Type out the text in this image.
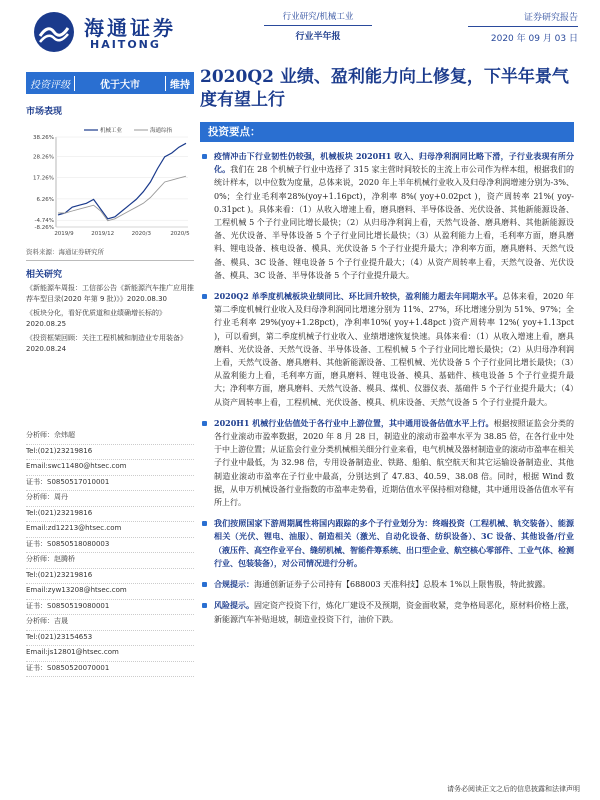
海通证券
HAITONG
行业研究/机械工业
行业半年报
证券研究报告
2020 年 09 月 03 日
投资评级	优于大市	维持
市场表现
38.26%
28.26%
17.26%
6.26%
-4.74%
-8.26%
2019/9	2019/12	2020/3	2020/5
机械工业	海通综指
资料来源：海通证券研究所
相关研究
《新能源车周报：工信部公告《新能源汽车推广应用推荐车型目录(2020 年第 9 批)》》2020.08.30
《板块分化，看好优质道和业绩确增长标的》2020.08.25
《投资框架回顾：关注工程机械和制造业专用装备》2020.08.24
分析师：佘炜超
Tel:(021)23219816
Email:swc11480@htsec.com
证书：S0850517010001
分析师：周丹
Tel:(021)23219816
Email:zd12213@htsec.com
证书：S0850518080003
分析师：赵腾桥
Tel:(021)23219816
Email:zyw13208@htsec.com
证书：S0850519080001
分析师：吉晟
Tel:(021)23154653
Email:js12801@htsec.com
证书：S0850520070001
2020Q2 业绩、盈利能力向上修复，下半年景气度有望上行
投资要点：
疫情冲击下行业韧性仍较强，机械板块 2020H1 收入、归母净利润同比略下滑，子行业表现有所分化。我们在 28 个机械子行业中选择了 315 家主营时间较长的主流上市公司作为样本组，根据我们的统计样本，以中位数为度量，总体来说，2020 年上半年机械行业收入及归母净利润增速分别为-3%、0%；全行业毛利率28%(yoy+1.16pct)，净利率 8%( yoy+0.02pct )，资产周转率 21%( yoy-0.31pct )。具体来看：（1）从收入增速上看，磨具磨料、半导体设备、光伏设备、其他新能源设备、工程机械 5 个子行业同比增长最快；（2）从归母净利润上看，天然气设备、磨具磨料、其他新能源设备、光伏设备、半导体设备 5 个子行业同比增长最快；（3）从盈利能力上看，毛利率方面，磨具磨料、锂电设备、核电设备、模具、光伏设备 5 个子行业提升最大；净利率方面，磨具磨料、天然气设备、模具、3C 设备、锂电设备 5 个子行业提升最大；（4）从资产周转率上看，天然气设备、光伏设备、模具、3C 设备、半导体设备 5 个子行业提升最大。
2020Q2 单季度机械板块业绩同比、环比回升较快，盈利能力超去年同期水平。总体来看，2020 年第二季度机械行业收入及归母净利润同比增速分别为 11%、27%，环比增速分别为 51%、97%；全行业毛利率 29%(yoy+1.28pct)，净利率10%( yoy+1.48pct )资产周转率 12%( yoy+1.13pct )，可以看到，第二季度机械子行业收入、业绩增速恢复快速。具体来看：（1）从收入增速上看，磨具磨料、光伏设备、天然气设备、半导体设备、工程机械 5 个子行业同比增长最快；（2）从归母净利润上看，天然气设备、磨具磨料、其他新能源设备、工程机械、光伏设备 5 个子行业同比增长最快；（3）从盈利能力上看，毛利率方面，磨具磨料、锂电设备、模具、基础件、核电设备 5 个子行业提升最大；净利率方面，磨具磨料、天然气设备、模具、煤机、仪器仪表、基础件 5 个子行业提升最大；（4）从资产周转率上看，工程机械、光伏设备、模具、机床设备、天然气设备 5 个子行业提升最大。
2020H1 机械行业估值处于各行业中上游位置，其中通用设备估值水平上行。根据按照证监会分类的各行业滚动市盈率数据，2020 年 8 月 28 日，制造业的滚动市盈率水平为 38.85 倍，在各行业中处于中上游位置；从证监会行业分类机械相关细分行业来看，电气机械及器材制造业的滚动市盈率在相关子行业中最低，为 32.98 倍，专用设备制造业、铁路、船舶、航空航天和其它运输设备制造业、其他制造业滚动市盈率在子行业中最高，分别达到了 47.83、40.59、38.08 倍。同时，根据 Wind 数据，从申万机械设备行业指数的市盈率走势看，近期估值水平保持相对稳健，其中通用设备估值水平有所上行。
我们按照国家下游周期属性将国内跟踪的多个子行业划分为：终端投资（工程机械、轨交装备）、能源相关（光伏、锂电、油服）、制造相关（激光、自动化设备、纺织设备）、3C 设备、其他设备/行业（液压件、高空作业平台、缝纫机械、智能件筹系统、出口型企业、航空核心零部件、工业气体、检测行业、包装装备），对公司情况进行分析。
合规提示：海通创新证券子公司持有【688003 天准科技】总股本 1%以上限售股，特此披露。
风险提示。固定资产投资下行，炼化厂建设不及预期，资金面收紧，竞争格局恶化，原材料价格上涨，新能源汽车补贴退坡，制造业投资下行，油价下跌。
请务必阅读正文之后的信息披露和法律声明
